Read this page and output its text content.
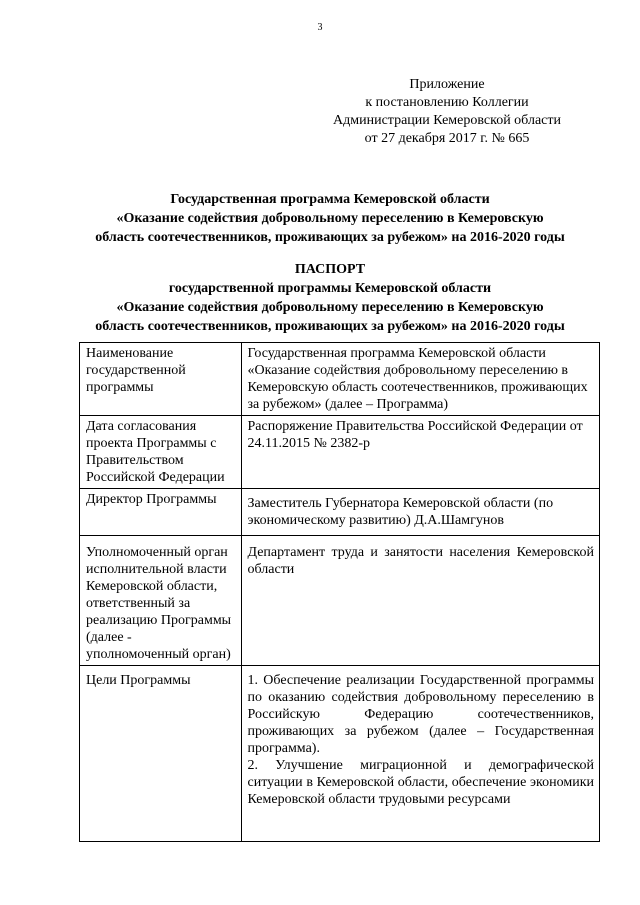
3
Приложение
к постановлению Коллегии
Администрации Кемеровской области
от 27 декабря 2017 г. № 665
Государственная программа Кемеровской области
«Оказание содействия добровольному переселению в Кемеровскую
область соотечественников, проживающих за рубежом» на 2016-2020 годы
ПАСПОРТ
государственной программы Кемеровской области
«Оказание содействия добровольному переселению в Кемеровскую
область соотечественников, проживающих за рубежом» на 2016-2020 годы
Наименование государственной программы	Государственная программа Кемеровской области «Оказание содействия добровольному переселению в Кемеровскую область соотечественников, проживающих за рубежом» (далее – Программа)
Дата согласования проекта Программы с Правительством Российской Федерации	Распоряжение Правительства Российской Федерации от 24.11.2015 № 2382-р
Директор Программы	Заместитель Губернатора Кемеровской области (по экономическому развитию) Д.А.Шамгунов
Уполномоченный орган исполнительной власти Кемеровской области, ответственный за реализацию Программы (далее - уполномоченный орган)	Департамент труда и занятости населения Кемеровской области
Цели Программы	1. Обеспечение реализации Государственной программы по оказанию содействия добровольному переселению в Российскую Федерацию соотечественников, проживающих за рубежом (далее – Государственная программа).

2. Улучшение миграционной и демографической ситуации в Кемеровской области, обеспечение экономики Кемеровской области трудовыми ресурсами
